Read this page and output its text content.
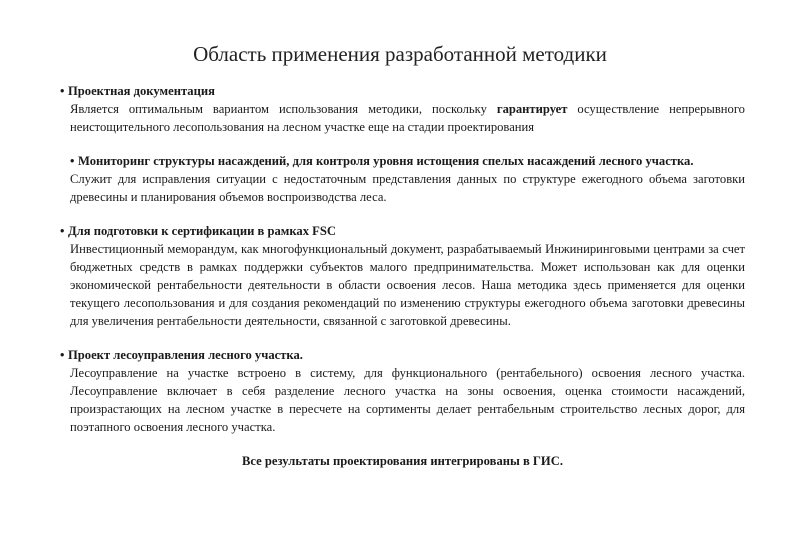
Область применения разработанной методики
• Проектная документация
Является оптимальным вариантом использования методики, поскольку гарантирует осуществление непрерывного неистощительного лесопользования на лесном участке еще на стадии проектирования
• Мониторинг структуры насаждений, для контроля уровня истощения спелых насаждений лесного участка.
Служит для исправления ситуации с недостаточным представления данных по структуре ежегодного объема заготовки древесины и планирования объемов воспроизводства леса.
• Для подготовки к сертификации в рамках FSC
Инвестиционный меморандум, как многофункциональный документ, разрабатываемый Инжиниринговыми центрами за счет бюджетных средств в рамках поддержки субъектов малого предпринимательства. Может использован как для оценки экономической рентабельности деятельности в области освоения лесов. Наша методика здесь применяется для оценки текущего лесопользования и для создания рекомендаций по изменению структуры ежегодного объема заготовки древесины для увеличения рентабельности деятельности, связанной с заготовкой древесины.
• Проект лесоуправления лесного участка.
Лесоуправление на участке встроено в систему, для функционального (рентабельного) освоения лесного участка. Лесоуправление включает в себя разделение лесного участка на зоны освоения, оценка стоимости насаждений, произрастающих на лесном участке в пересчете на сортименты делает рентабельным строительство лесных дорог, для поэтапного освоения лесного участка.
Все результаты проектирования интегрированы в ГИС.
